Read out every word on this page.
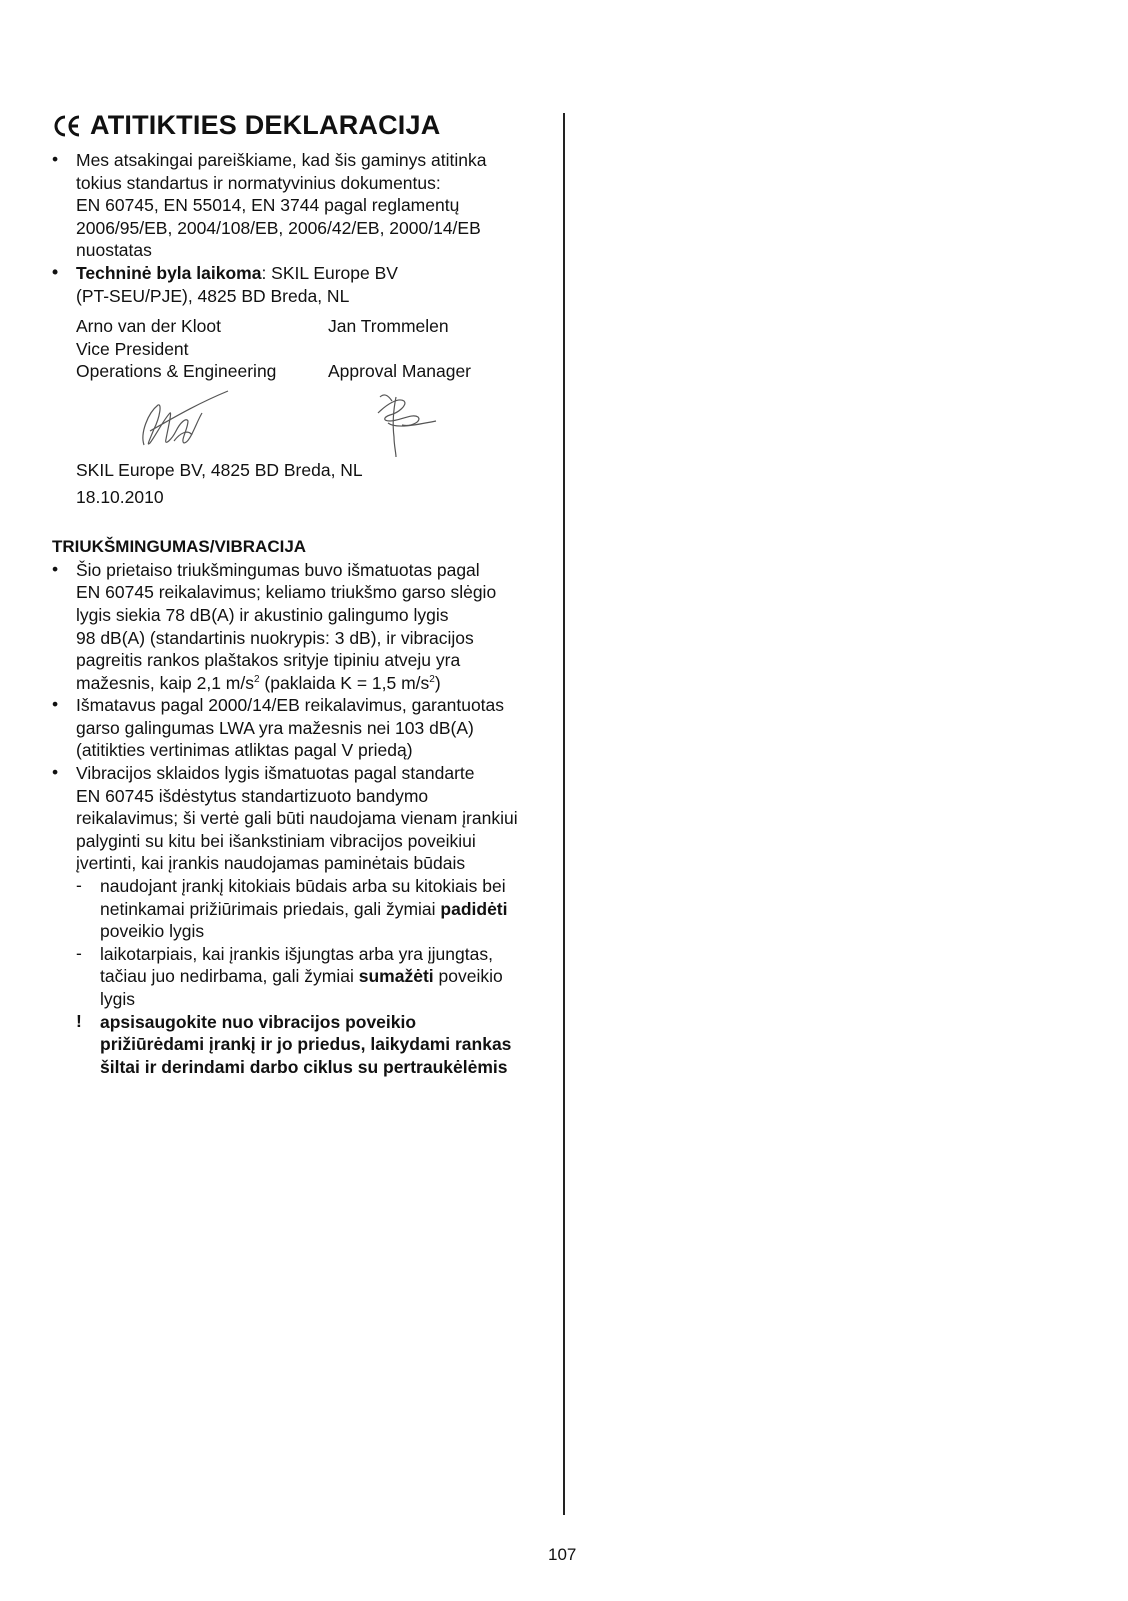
ATITIKTIES DEKLARACIJA
•	Mes atsakingai pareiškiame, kad šis gaminys atitinka
tokius standartus ir normatyvinius dokumentus:
EN 60745, EN 55014, EN 3744 pagal reglamentų
2006/95/EB, 2004/108/EB, 2006/42/EB, 2000/14/EB
nuostatas
•	Techninė byla laikoma: SKIL Europe BV
(PT-SEU/PJE), 4825 BD Breda, NL
Arno van der Kloot	Jan Trommelen
Vice President
Operations & Engineering	Approval Manager
SKIL Europe BV, 4825 BD Breda, NL
18.10.2010
TRIUKŠMINGUMAS/VIBRACIJA
•	Šio prietaiso triukšmingumas buvo išmatuotas pagal
EN 60745 reikalavimus; keliamo triukšmo garso slėgio
lygis siekia 78 dB(A) ir akustinio galingumo lygis
98 dB(A) (standartinis nuokrypis: 3 dB), ir vibracijos
pagreitis rankos plaštakos srityje tipiniu atveju yra
mažesnis, kaip 2,1 $m/s^2$ (paklaida K = 1,5 $m/s^2$)
•	Išmatavus pagal 2000/14/EB reikalavimus, garantuotas
garso galingumas LWA yra mažesnis nei 103 dB(A)
(atitikties vertinimas atliktas pagal V priedą)
•	Vibracijos sklaidos lygis išmatuotas pagal standarte
EN 60745 išdėstytus standartizuoto bandymo
reikalavimus; ši vertė gali būti naudojama vienam įrankiui
palyginti su kitu bei išankstiniam vibracijos poveikiui
įvertinti, kai įrankis naudojamas paminėtais būdais
-	naudojant įrankį kitokiais būdais arba su kitokiais bei
netinkamai prižiūrimais priedais, gali žymiai padidėti
poveikio lygis
-	laikotarpiais, kai įrankis išjungtas arba yra įjungtas,
tačiau juo nedirbama, gali žymiai sumažėti poveikio
lygis
!	apsisaugokite nuo vibracijos poveikio
prižiūrėdami įrankį ir jo priedus, laikydami rankas
šiltai ir derindami darbo ciklus su pertraukėlėmis
107
